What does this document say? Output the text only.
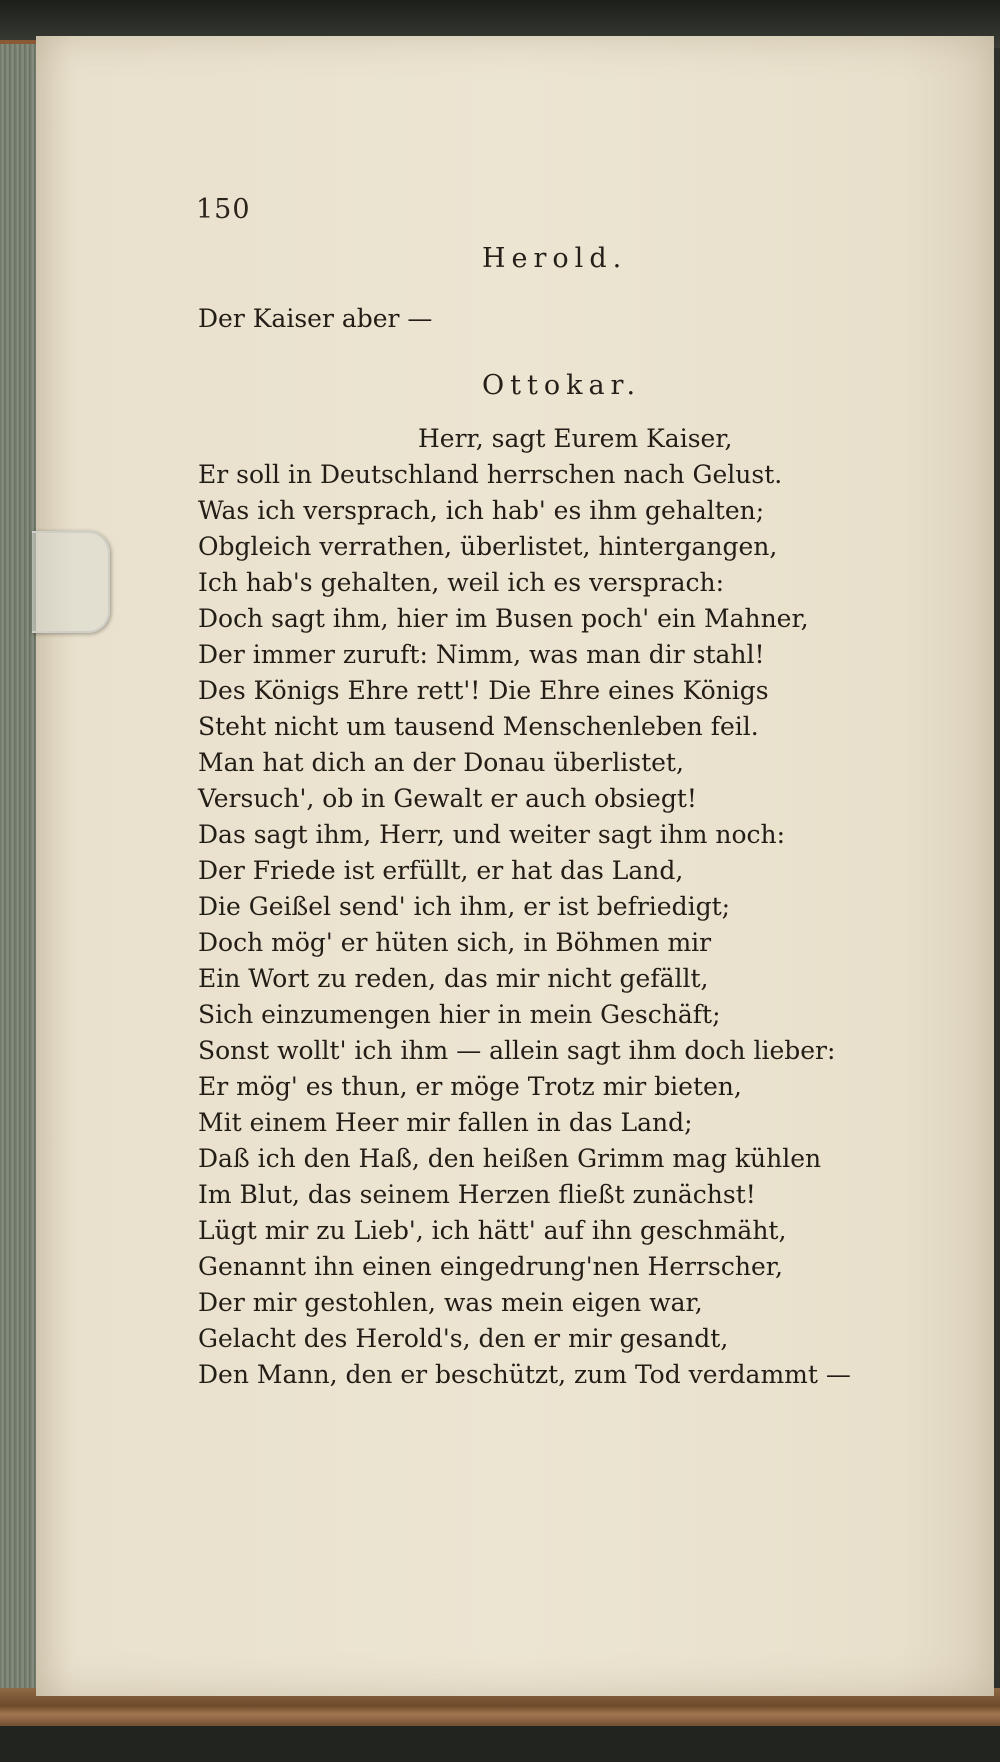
150
Herold.

Der Kaiser aber —

Ottokar.

Herr, sagt Eurem Kaiser,

Er soll in Deutschland herrschen nach Gelust.

Was ich versprach, ich hab' es ihm gehalten;

Obgleich verrathen, überlistet, hintergangen,

Ich hab's gehalten, weil ich es versprach:

Doch sagt ihm, hier im Busen poch' ein Mahner,

Der immer zuruft: Nimm, was man dir stahl!

Des Königs Ehre rett'! Die Ehre eines Königs

Steht nicht um tausend Menschenleben feil.

Man hat dich an der Donau überlistet,

Versuch', ob in Gewalt er auch obsiegt!

Das sagt ihm, Herr, und weiter sagt ihm noch:

Der Friede ist erfüllt, er hat das Land,

Die Geißel send' ich ihm, er ist befriedigt;

Doch mög' er hüten sich, in Böhmen mir

Ein Wort zu reden, das mir nicht gefällt,

Sich einzumengen hier in mein Geschäft;

Sonst wollt' ich ihm — allein sagt ihm doch lieber:

Er mög' es thun, er möge Trotz mir bieten,

Mit einem Heer mir fallen in das Land;

Daß ich den Haß, den heißen Grimm mag kühlen

Im Blut, das seinem Herzen fließt zunächst!

Lügt mir zu Lieb', ich hätt' auf ihn geschmäht,

Genannt ihn einen eingedrung'nen Herrscher,

Der mir gestohlen, was mein eigen war,

Gelacht des Herold's, den er mir gesandt,

Den Mann, den er beschützt, zum Tod verdammt —
